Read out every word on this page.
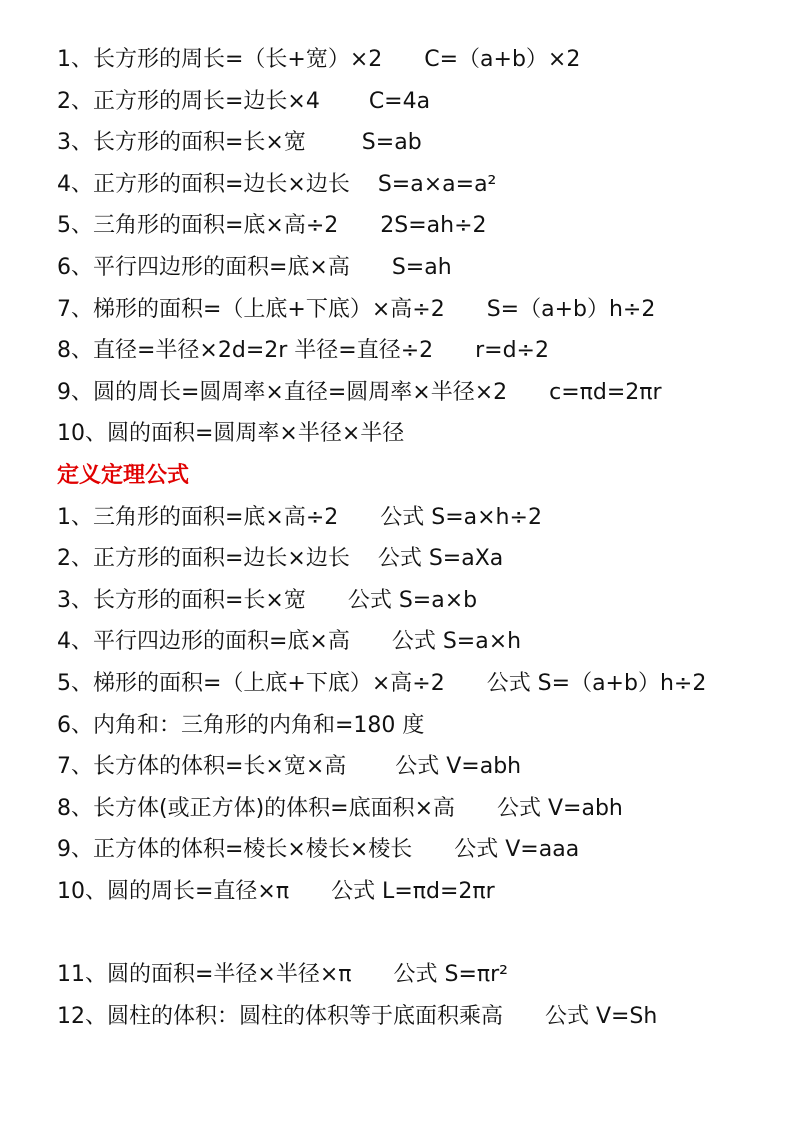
1、长方形的周长=（长+宽）×2      C=（a+b）×2
2、正方形的周长=边长×4       C=4a
3、长方形的面积=长×宽        S=ab
4、正方形的面积=边长×边长    S=a×a=a²
5、三角形的面积=底×高÷2      2S=ah÷2
6、平行四边形的面积=底×高      S=ah
7、梯形的面积=（上底+下底）×高÷2      S=（a+b）h÷2
8、直径=半径×2d=2r 半径=直径÷2      r=d÷2
9、圆的周长=圆周率×直径=圆周率×半径×2      c=πd=2πr
10、圆的面积=圆周率×半径×半径
定义定理公式
1、三角形的面积=底×高÷2      公式 S=a×h÷2
2、正方形的面积=边长×边长    公式 S=aXa
3、长方形的面积=长×宽      公式 S=a×b
4、平行四边形的面积=底×高      公式 S=a×h
5、梯形的面积=（上底+下底）×高÷2      公式 S=（a+b）h÷2
6、内角和：三角形的内角和=180 度
7、长方体的体积=长×宽×高       公式 V=abh
8、长方体(或正方体)的体积=底面积×高      公式 V=abh
9、正方体的体积=棱长×棱长×棱长      公式 V=aaa
10、圆的周长=直径×π      公式 L=πd=2πr
11、圆的面积=半径×半径×π      公式 S=πr²
12、圆柱的体积：圆柱的体积等于底面积乘高      公式 V=Sh
